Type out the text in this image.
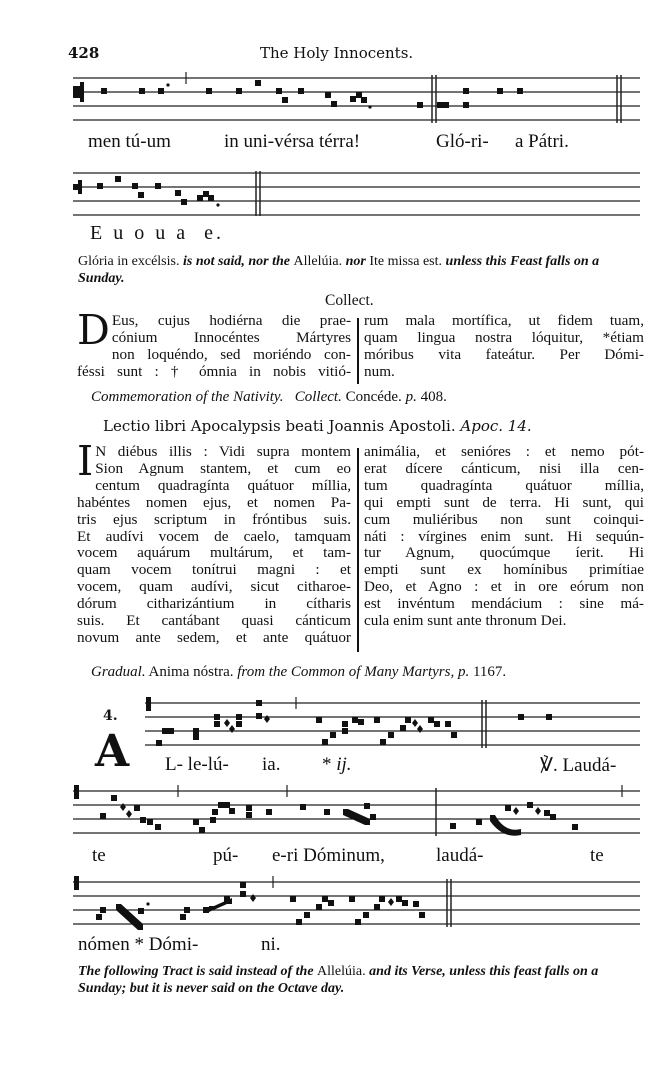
428	The Holy Innocents.
men tú-um	in uni-vérsa térra!	Gló-ri- a Pátri.
E u o u a  e.
Glória in excélsis. is not said, nor the Allelúia. nor Ite missa est. unless this Feast falls on a Sunday.
Collect.
D Eus, cujus hodiérna die prae-

cónium Innocéntes Mártyres

non loquéndo, sed moriéndo con-

féssi sunt : † ómnia in nobis vitió-

rum mala mortífica, ut fidem tuam,

quam lingua nostra lóquitur, *étiam

móribus vita fateátur. Per Dómi-

num.

Commemoration of the Nativity. Collect. Concéde. p. 408.
Lectio libri Apocalypsis beati Joannis Apostoli. Apoc. 14.
I N diébus illis : Vidi supra montem

Sion Agnum stantem, et cum eo

centum quadragínta quátuor míllia,

habéntes nomen ejus, et nomen Pa-

tris ejus scriptum in fróntibus suis.

Et audívi vocem de caelo, tamquam

vocem aquárum multárum, et tam-

quam vocem tonítrui magni : et

vocem, quam audívi, sicut citharoe-

dórum citharizántium in cítharis

suis. Et cantábant quasi cánticum

novum ante sedem, et ante quátuor

animália, et senióres : et nemo pót-

erat dícere cánticum, nisi illa cen-

tum quadragínta quátuor míllia,

qui empti sunt de terra. Hi sunt, qui

cum muliéribus non sunt coinqui-

náti : vírgines enim sunt. Hi sequún-

tur Agnum, quocúmque íerit. Hi

empti sunt ex homínibus primítiae

Deo, et Agno : et in ore eórum non

est invéntum mendácium : sine má-

cula enim sunt ante thronum Dei.

Gradual. Anima nóstra. from the Common of Many Martyrs, p. 1167.
4.
A L- le-lú- ia. * ij.	℣. Laudá-
te	pú- e-ri Dóminum,	laudá-	te
nómen * Dómi-	ni.
The following Tract is said instead of the Allelúia. and its Verse, unless this feast falls on a Sunday; but it is never said on the Octave day.
